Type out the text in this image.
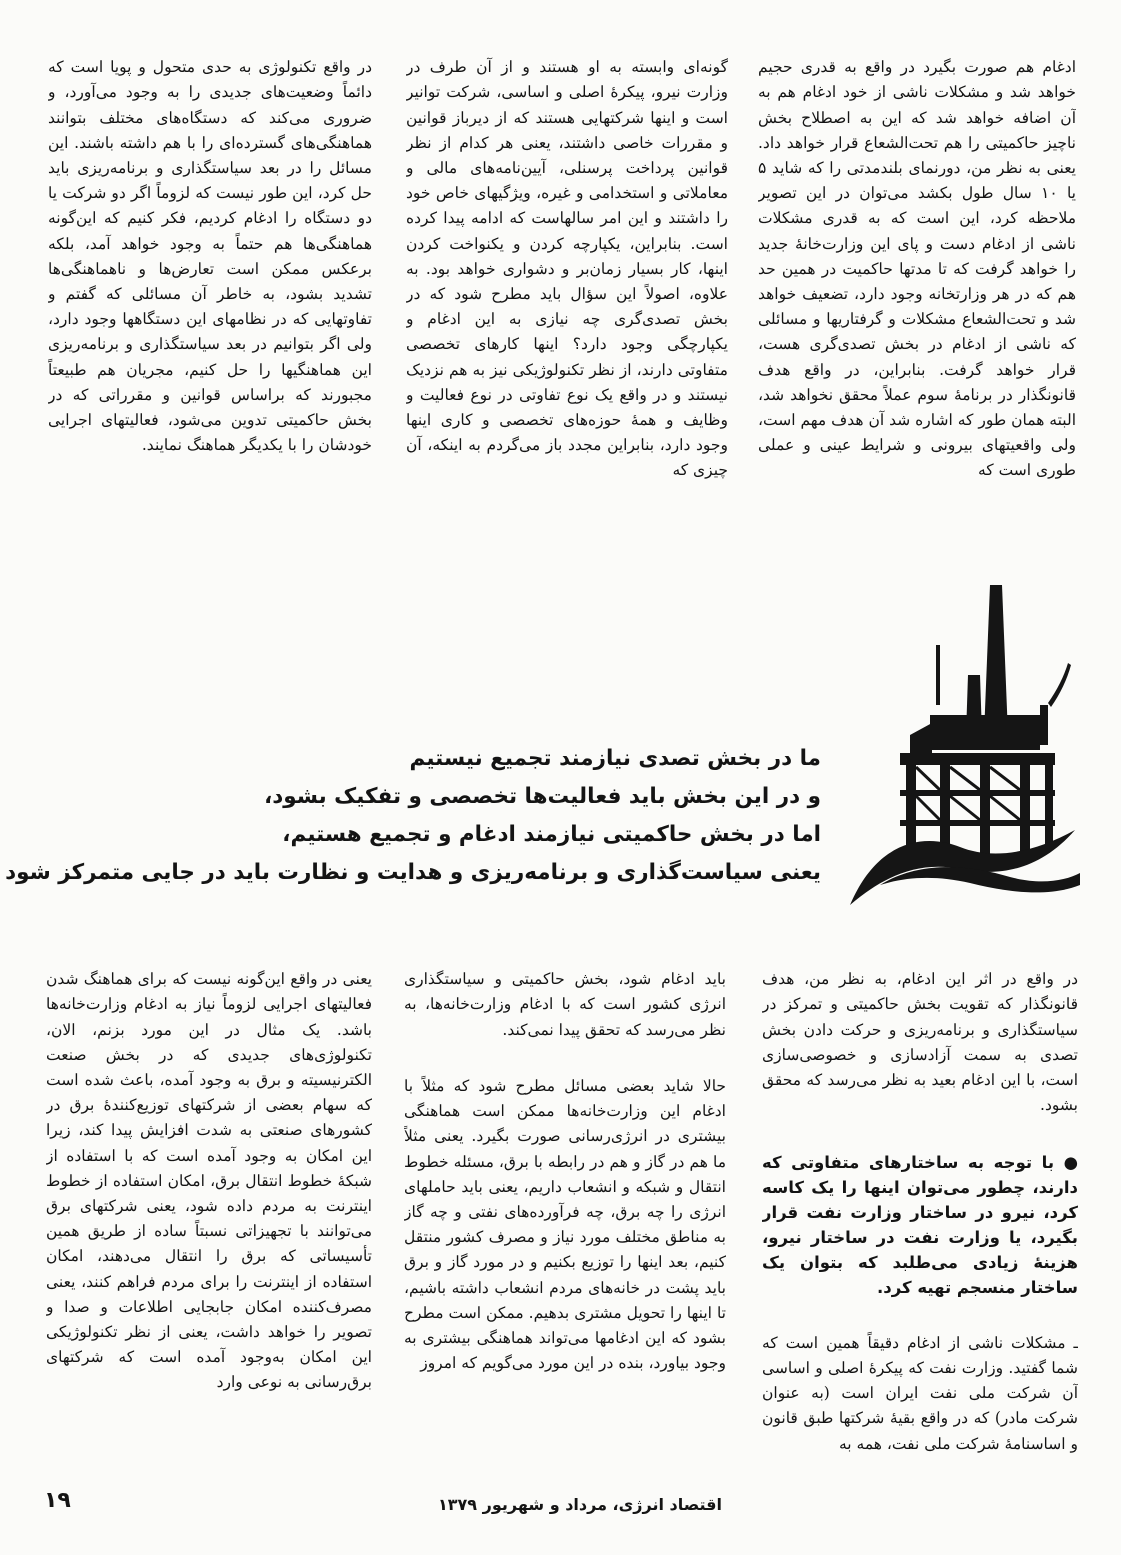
ادغام هم صورت بگیرد در واقع به قدری حجیم خواهد شد و مشکلات ناشی از خود ادغام هم به آن اضافه خواهد شد که این به اصطلاح بخش ناچیز حاکمیتی را هم تحت‌الشعاع قرار خواهد داد. یعنی به نظر من، دورنمای بلندمدتی را که شاید ۵ یا ۱۰ سال طول بکشد می‌توان در این تصویر ملاحظه کرد، این است که به قدری مشکلات ناشی از ادغام دست و پای این وزارت‌خانهٔ جدید را خواهد گرفت که تا مدتها حاکمیت در همین حد هم که در هر وزارتخانه وجود دارد، تضعیف خواهد شد و تحت‌الشعاع مشکلات و گرفتاریها و مسائلی که ناشی از ادغام در بخش تصدی‌گری هست، قرار خواهد گرفت. بنابراین، در واقع هدف قانونگذار در برنامهٔ سوم عملاً محقق نخواهد شد، البته همان طور که اشاره شد آن هدف مهم است، ولی واقعیتهای بیرونی و شرایط عینی و عملی طوری است که

گونه‌ای وابسته به او هستند و از آن طرف در وزارت نیرو، پیکرهٔ اصلی و اساسی، شرکت توانیر است و اینها شرکتهایی هستند که از دیرباز قوانین و مقررات خاصی داشتند، یعنی هر کدام از نظر قوانین پرداخت پرسنلی، آیین‌نامه‌های مالی و معاملاتی و استخدامی و غیره، ویژگیهای خاص خود را داشتند و این امر سالهاست که ادامه پیدا کرده است. بنابراین، یکپارچه کردن و یکنواخت کردن اینها، کار بسیار زمان‌بر و دشواری خواهد بود. به علاوه، اصولاً این سؤال باید مطرح شود که در بخش تصدی‌گری چه نیازی به این ادغام و یکپارچگی وجود دارد؟ اینها کارهای تخصصی متفاوتی دارند، از نظر تکنولوژیکی نیز به هم نزدیک نیستند و در واقع یک نوع تفاوتی در نوع فعالیت و وظایف و همهٔ حوزه‌های تخصصی و کاری اینها وجود دارد، بنابراین مجدد باز می‌گردم به اینکه، آن چیزی که

در واقع تکنولوژی به حدی متحول و پویا است که دائماً وضعیت‌های جدیدی را به وجود می‌آورد، و ضروری می‌کند که دستگاه‌های مختلف بتوانند هماهنگی‌های گسترده‌ای را با هم داشته باشند. این مسائل را در بعد سیاستگذاری و برنامه‌ریزی باید حل کرد، این طور نیست که لزوماً اگر دو شرکت یا دو دستگاه را ادغام کردیم، فکر کنیم که این‌گونه هماهنگی‌ها هم حتماً به وجود خواهد آمد، بلکه برعکس ممکن است تعارض‌ها و ناهماهنگی‌ها تشدید بشود، به خاطر آن مسائلی که گفتم و تفاوتهایی که در نظامهای این دستگاهها وجود دارد، ولی اگر بتوانیم در بعد سیاستگذاری و برنامه‌ریزی این هماهنگیها را حل کنیم، مجریان هم طبیعتاً مجبورند که براساس قوانین و مقرراتی که در بخش حاکمیتی تدوین می‌شود، فعالیتهای اجرایی خودشان را با یکدیگر هماهنگ نمایند.

ما در بخش تصدی نیازمند تجمیع نیستیم
و در این بخش باید فعالیت‌ها تخصصی و تفکیک بشود،
اما در بخش حاکمیتی نیازمند ادغام و تجمیع هستیم،
یعنی سیاست‌گذاری و برنامه‌ریزی و هدایت و نظارت باید در جایی متمرکز شود

در واقع در اثر این ادغام، به نظر من، هدف قانونگذار که تقویت بخش حاکمیتی و تمرکز در سیاستگذاری و برنامه‌ریزی و حرکت دادن بخش تصدی به سمت آزادسازی و خصوصی‌سازی است، با این ادغام بعید به نظر می‌رسد که محقق بشود.

● با توجه به ساختارهای متفاوتی که دارند، چطور می‌توان اینها را یک کاسه کرد، نیرو در ساختار وزارت نفت قرار بگیرد، یا وزارت نفت در ساختار نیرو، هزینهٔ زیادی می‌طلبد که بتوان یک ساختار منسجم تهیه کرد.

ـ مشکلات ناشی از ادغام دقیقاً همین است که شما گفتید. وزارت نفت که پیکرهٔ اصلی و اساسی آن شرکت ملی نفت ایران است (به عنوان شرکت مادر) که در واقع بقیهٔ شرکتها طبق قانون و اساسنامهٔ شرکت ملی نفت، همه به

باید ادغام شود، بخش حاکمیتی و سیاستگذاری انرژی کشور است که با ادغام وزارت‌خانه‌ها، به نظر می‌رسد که تحقق پیدا نمی‌کند.

حالا شاید بعضی مسائل مطرح شود که مثلاً با ادغام این وزارت‌خانه‌ها ممکن است هماهنگی بیشتری در انرژی‌رسانی صورت بگیرد. یعنی مثلاً ما هم در گاز و هم در رابطه با برق، مسئله خطوط انتقال و شبکه و انشعاب داریم، یعنی باید حاملهای انرژی را چه برق، چه فرآورده‌های نفتی و چه گاز به مناطق مختلف مورد نیاز و مصرف کشور منتقل کنیم، بعد اینها را توزیع بکنیم و در مورد گاز و برق باید پشت در خانه‌های مردم انشعاب داشته باشیم، تا اینها را تحویل مشتری بدهیم. ممکن است مطرح بشود که این ادغامها می‌تواند هماهنگی بیشتری به وجود بیاورد، بنده در این مورد می‌گویم که امروز

یعنی در واقع این‌گونه نیست که برای هماهنگ شدن فعالیتهای اجرایی لزوماً نیاز به ادغام وزارت‌خانه‌ها باشد. یک مثال در این مورد بزنم، الان، تکنولوژی‌های جدیدی که در بخش صنعت الکترنیسیته و برق به وجود آمده، باعث شده است که سهام بعضی از شرکتهای توزیع‌کنندهٔ برق در کشورهای صنعتی به شدت افزایش پیدا کند، زیرا این امکان به وجود آمده است که با استفاده از شبکهٔ خطوط انتقال برق، امکان استفاده از خطوط اینترنت به مردم داده شود، یعنی شرکتهای برق می‌توانند با تجهیزاتی نسبتاً ساده از طریق همین تأسیساتی که برق را انتقال می‌دهند، امکان استفاده از اینترنت را برای مردم فراهم کنند، یعنی مصرف‌کننده امکان جابجایی اطلاعات و صدا و تصویر را خواهد داشت، یعنی از نظر تکنولوژیکی این امکان به‌وجود آمده است که شرکتهای برق‌رسانی به نوعی وارد

اقتصاد انرژی، مرداد و شهریور ۱۳۷۹
۱۹
